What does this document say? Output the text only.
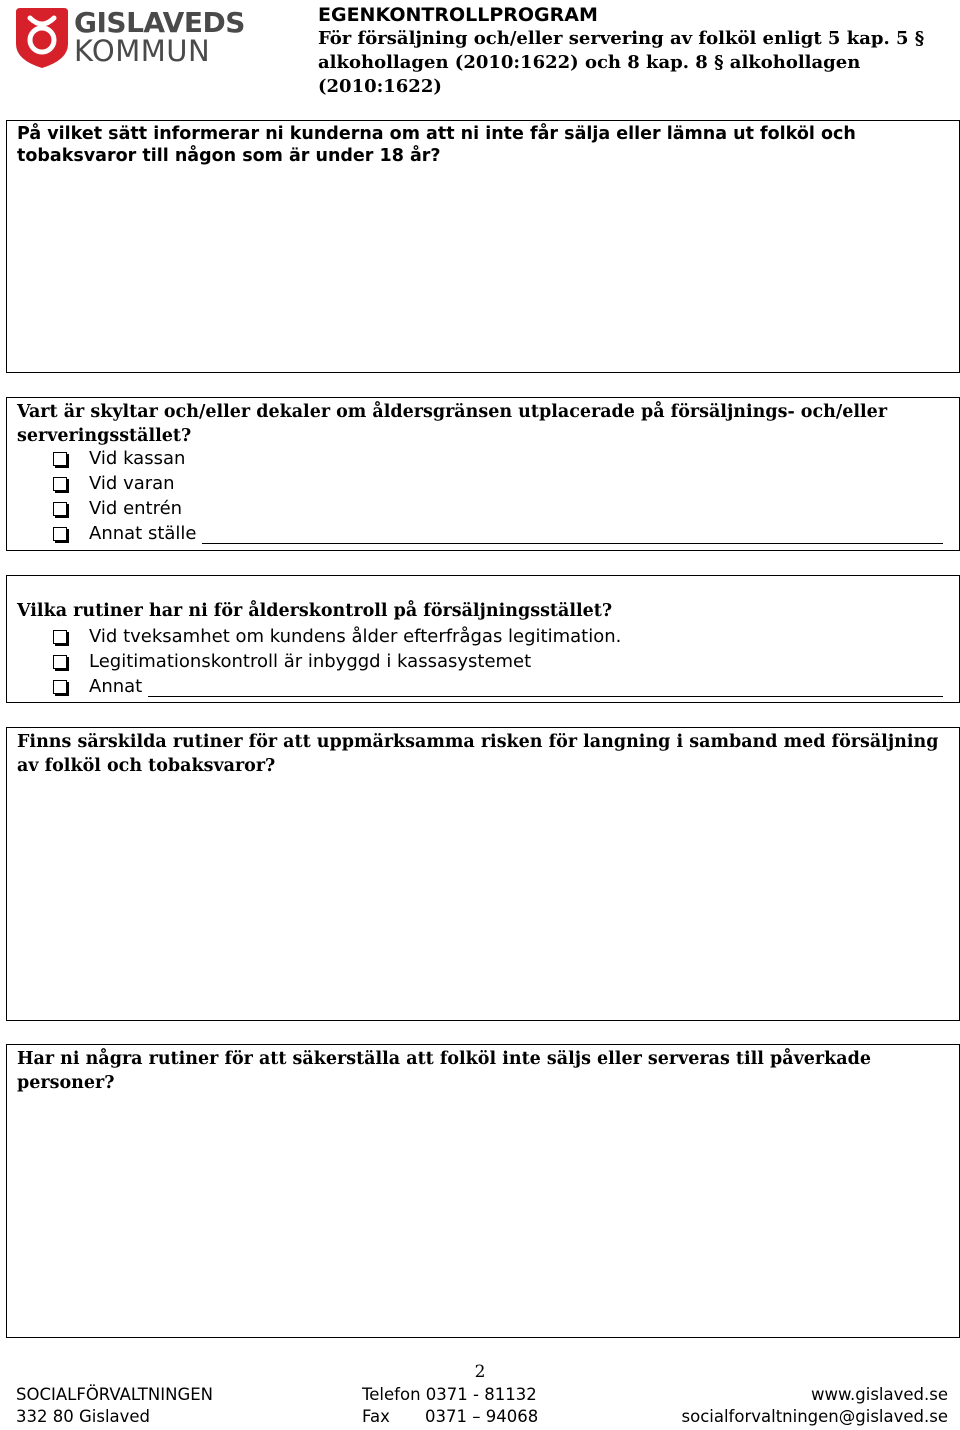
GISLAVEDS
KOMMUN
EGENKONTROLLPROGRAM
För försäljning och/eller servering av folköl enligt 5 kap. 5 § alkohollagen (2010:1622) och 8 kap. 8 § alkohollagen (2010:1622)
På vilket sätt informerar ni kunderna om att ni inte får sälja eller lämna ut folköl och tobaksvaror till någon som är under 18 år?
Vart är skyltar och/eller dekaler om åldersgränsen utplacerade på försäljnings- och/eller serveringsstället?
Vid kassan
Vid varan
Vid entrén
Annat ställe
Vilka rutiner har ni för ålderskontroll på försäljningsstället?
Vid tveksamhet om kundens ålder efterfrågas legitimation.
Legitimationskontroll är inbyggd i kassasystemet
Annat
Finns särskilda rutiner för att uppmärksamma risken för langning i samband med försäljning av folköl och tobaksvaror?
Har ni några rutiner för att säkerställa att folköl inte säljs eller serveras till påverkade personer?
2
SOCIALFÖRVALTNINGEN
332 80 Gislaved
Telefon 0371 - 81132
Fax 0371 – 94068
www.gislaved.se
socialforvaltningen@gislaved.se
